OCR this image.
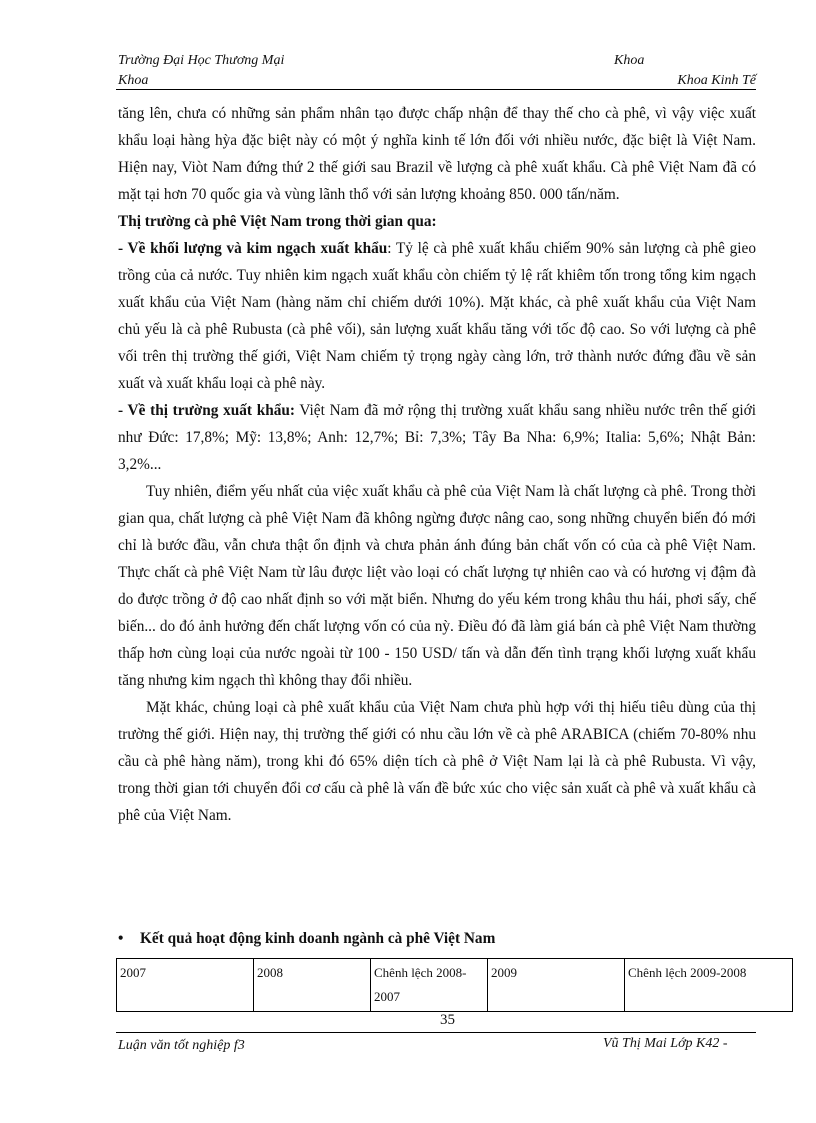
Trường Đại Học Thương Mại	Khoa
Khoa	Khoa Kinh Tế

tăng lên, chưa có những sản phẩm nhân tạo được chấp nhận để thay thế cho cà phê, vì vậy việc xuất khẩu loại hàng hỳa đặc biệt này có một ý nghĩa kinh tế lớn đối với nhiều nước, đặc biệt là Việt Nam. Hiện nay, Viòt Nam đứng thứ 2 thế giới sau Brazil về lượng cà phê xuất khẩu. Cà phê Việt Nam đã có mặt tại hơn 70 quốc gia và vùng lãnh thổ với sản lượng khoảng 850. 000 tấn/năm.

Thị trường cà phê Việt Nam trong thời gian qua:

- Về khối lượng và kim ngạch xuất khẩu: Tỷ lệ cà phê xuất khẩu chiếm 90% sản lượng cà phê gieo trồng của cả nước. Tuy nhiên kim ngạch xuất khẩu còn chiếm tỷ lệ rất khiêm tốn trong tổng kim ngạch xuất khẩu của Việt Nam (hàng năm chỉ chiếm dưới 10%). Mặt khác, cà phê xuất khẩu của Việt Nam chủ yếu là cà phê Rubusta (cà phê vối), sản lượng xuất khẩu tăng với tốc độ cao. So với lượng cà phê vối trên thị trường thế giới, Việt Nam chiếm tỷ trọng ngày càng lớn, trở thành nước đứng đầu về sản xuất và xuất khẩu loại cà phê này.

- Về thị trường xuất khẩu: Việt Nam đã mở rộng thị trường xuất khẩu sang nhiều nước trên thế giới như Đức: 17,8%; Mỹ: 13,8%; Anh: 12,7%; Bỉ: 7,3%; Tây Ba Nha: 6,9%; Italia: 5,6%; Nhật Bản: 3,2%...

Tuy nhiên, điểm yếu nhất của việc xuất khẩu cà phê của Việt Nam là chất lượng cà phê. Trong thời gian qua, chất lượng cà phê Việt Nam đã không ngừng được nâng cao, song những chuyển biến đó mới chỉ là bước đầu, vẫn chưa thật ổn định và chưa phản ánh đúng bản chất vốn có của cà phê Việt Nam. Thực chất cà phê Việt Nam từ lâu được liệt vào loại có chất lượng tự nhiên cao và có hương vị đậm đà do được trồng ở độ cao nhất định so với mặt biển. Nhưng do yếu kém trong khâu thu hái, phơi sấy, chế biến... do đó ảnh hưởng đến chất lượng vốn có của nỳ. Điều đó đã làm giá bán cà phê Việt Nam thường thấp hơn cùng loại của nước ngoài từ 100 - 150 USD/ tấn và dẫn đến tình trạng khối lượng xuất khẩu tăng nhưng kim ngạch thì không thay đổi nhiều.

Mặt khác, chủng loại cà phê xuất khẩu của Việt Nam chưa phù hợp với thị hiếu tiêu dùng của thị trường thế giới. Hiện nay, thị trường thế giới có nhu cầu lớn về cà phê ARABICA (chiếm 70-80% nhu cầu cà phê hàng năm), trong khi đó 65% diện tích cà phê ở Việt Nam lại là cà phê Rubusta. Vì vậy, trong thời gian tới chuyển đổi cơ cấu cà phê là vấn đề bức xúc cho việc sản xuất cà phê và xuất khẩu cà phê của Việt Nam.

• Kết quả hoạt động kinh doanh ngành cà phê Việt Nam
2007	2008	Chênh lệch 2008-2007	2009	Chênh lệch 2009-2008
35
Luận văn tốt nghiệp f3	Vũ Thị Mai Lớp K42 -
